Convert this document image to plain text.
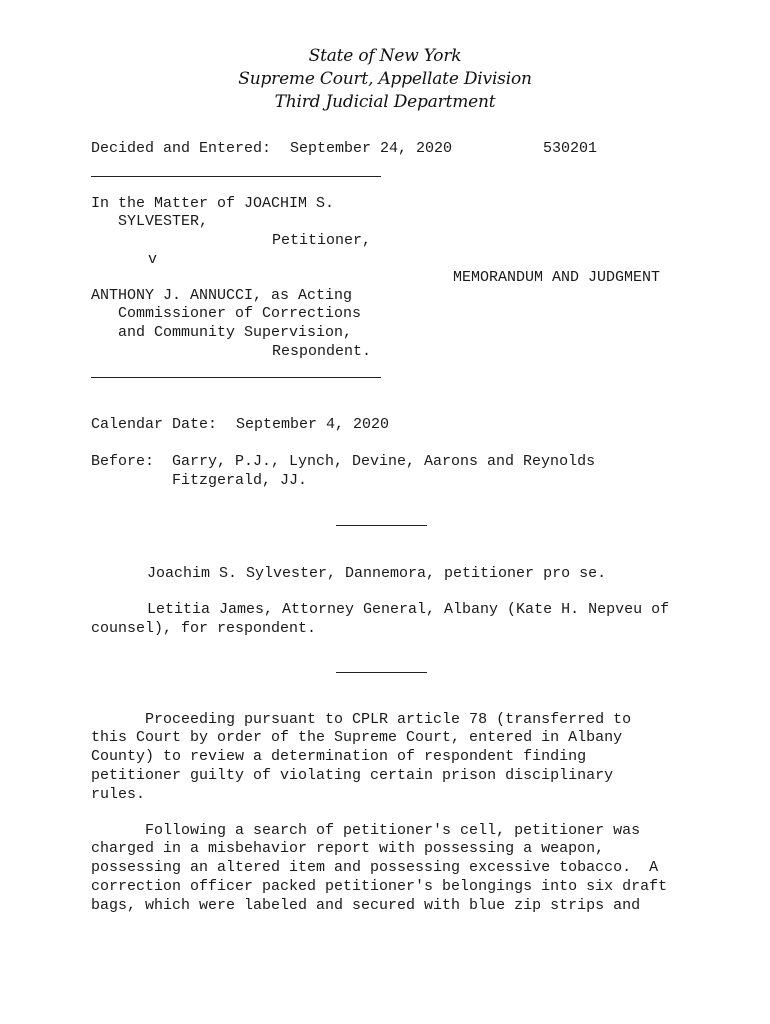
State of New York
Supreme Court, Appellate Division
Third Judicial Department
Decided and Entered: September 24, 2020	530201
In the Matter of JOACHIM S.
SYLVESTER,
Petitioner,
v
MEMORANDUM AND JUDGMENT
ANTHONY J. ANNUCCI, as Acting
Commissioner of Corrections
and Community Supervision,
Respondent.
Calendar Date: September 4, 2020
Before: Garry, P.J., Lynch, Devine, Aarons and Reynolds
Fitzgerald, JJ.
Joachim S. Sylvester, Dannemora, petitioner pro se.
Letitia James, Attorney General, Albany (Kate H. Nepveu of
counsel), for respondent.
Proceeding pursuant to CPLR article 78 (transferred to
this Court by order of the Supreme Court, entered in Albany
County) to review a determination of respondent finding
petitioner guilty of violating certain prison disciplinary
rules.
Following a search of petitioner's cell, petitioner was
charged in a misbehavior report with possessing a weapon,
possessing an altered item and possessing excessive tobacco.  A
correction officer packed petitioner's belongings into six draft
bags, which were labeled and secured with blue zip strips and
